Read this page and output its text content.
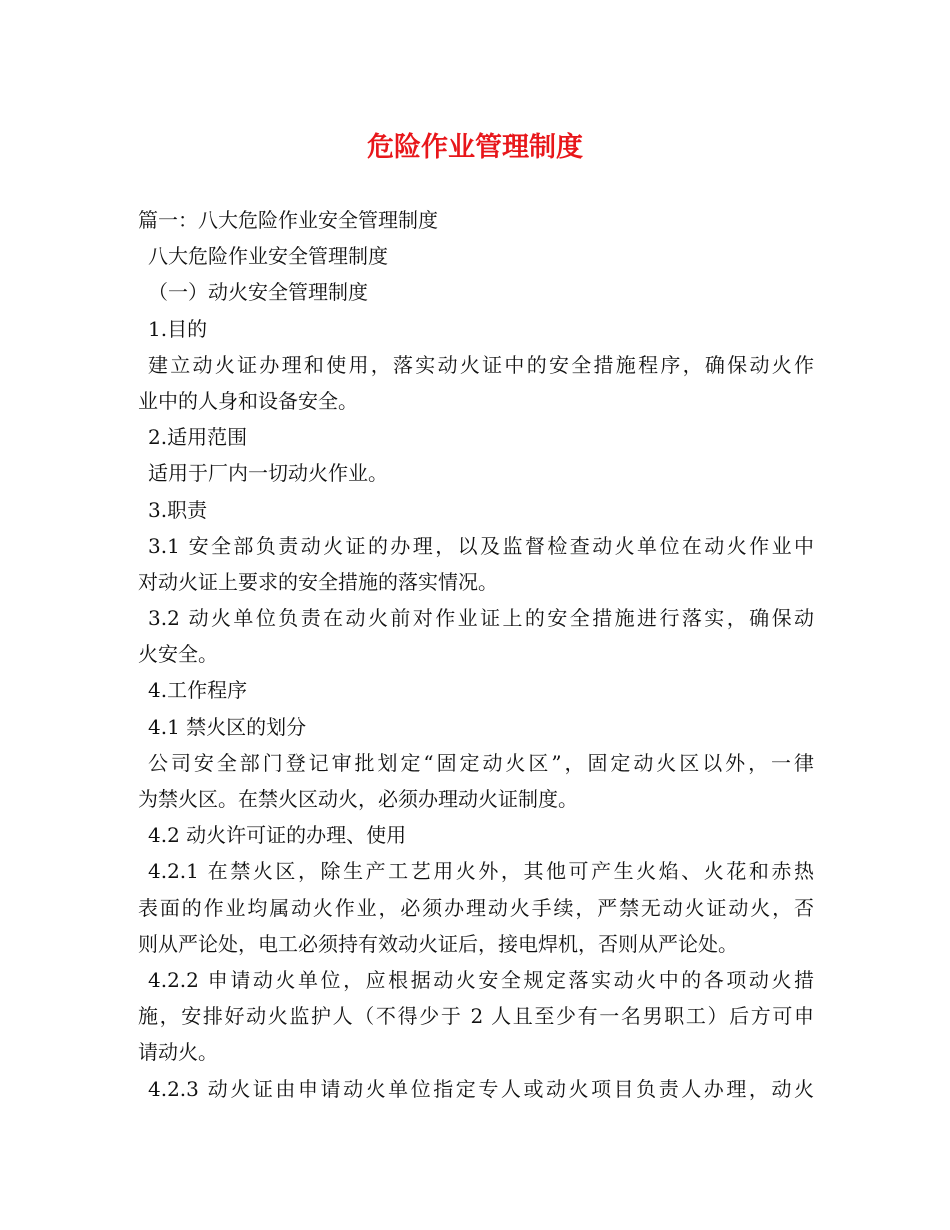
危险作业管理制度

篇一：八大危险作业安全管理制度

八大危险作业安全管理制度

（一）动火安全管理制度

1.目的

建立动火证办理和使用，落实动火证中的安全措施程序，确保动火作

业中的人身和设备安全。

2.适用范围

适用于厂内一切动火作业。

3.职责

3.1 安全部负责动火证的办理，以及监督检查动火单位在动火作业中

对动火证上要求的安全措施的落实情况。

3.2 动火单位负责在动火前对作业证上的安全措施进行落实，确保动

火安全。

4.工作程序

4.1 禁火区的划分

公司安全部门登记审批划定“固定动火区”，固定动火区以外，一律

为禁火区。在禁火区动火，必须办理动火证制度。

4.2 动火许可证的办理、使用

4.2.1 在禁火区，除生产工艺用火外，其他可产生火焰、火花和赤热

表面的作业均属动火作业，必须办理动火手续，严禁无动火证动火，否

则从严论处，电工必须持有效动火证后，接电焊机，否则从严论处。

4.2.2 申请动火单位，应根据动火安全规定落实动火中的各项动火措

施，安排好动火监护人（不得少于 2 人且至少有一名男职工）后方可申

请动火。

4.2.3 动火证由申请动火单位指定专人或动火项目负责人办理，动火
